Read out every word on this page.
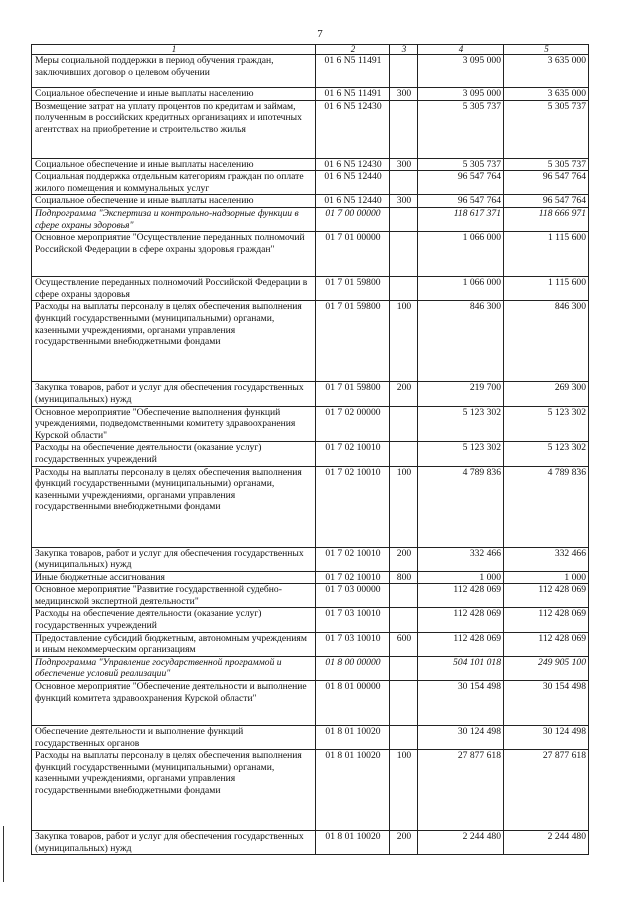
7
1	2	3	4	5
Меры социальной поддержки в период обучения граждан, заключивших договор о целевом обучении	01 6 N5 11491		3 095 000	3 635 000
Социальное обеспечение и иные выплаты населению	01 6 N5 11491	300	3 095 000	3 635 000
Возмещение затрат на уплату процентов по кредитам и займам, полученным в российских кредитных организациях и ипотечных агентствах на приобретение и строительство жилья	01 6 N5 12430		5 305 737	5 305 737
Социальное обеспечение и иные выплаты населению	01 6 N5 12430	300	5 305 737	5 305 737
Социальная поддержка отдельным категориям граждан по оплате жилого помещения и коммунальных услуг	01 6 N5 12440		96 547 764	96 547 764
Социальное обеспечение и иные выплаты населению	01 6 N5 12440	300	96 547 764	96 547 764
Подпрограмма "Экспертиза и контрольно-надзорные функции в сфере охраны здоровья"	01 7 00 00000		118 617 371	118 666 971
Основное мероприятие "Осуществление переданных полномочий Российской Федерации в сфере охраны здоровья граждан"	01 7 01 00000		1 066 000	1 115 600
Осуществление переданных полномочий Российской Федерации в сфере охраны здоровья	01 7 01 59800		1 066 000	1 115 600
Расходы на выплаты персоналу в целях обеспечения выполнения функций государственными (муниципальными) органами, казенными учреждениями, органами управления государственными внебюджетными фондами	01 7 01 59800	100	846 300	846 300
Закупка товаров, работ и услуг для обеспечения государственных (муниципальных) нужд	01 7 01 59800	200	219 700	269 300
Основное мероприятие "Обеспечение выполнения функций учреждениями, подведомственными комитету здравоохранения Курской области"	01 7 02 00000		5 123 302	5 123 302
Расходы на обеспечение деятельности (оказание услуг) государственных учреждений	01 7 02 10010		5 123 302	5 123 302
Расходы на выплаты персоналу в целях обеспечения выполнения функций государственными (муниципальными) органами, казенными учреждениями, органами управления государственными внебюджетными фондами	01 7 02 10010	100	4 789 836	4 789 836
Закупка товаров, работ и услуг для обеспечения государственных (муниципальных) нужд	01 7 02 10010	200	332 466	332 466
Иные бюджетные ассигнования	01 7 02 10010	800	1 000	1 000
Основное мероприятие "Развитие государственной судебно-медицинской экспертной деятельности"	01 7 03 00000		112 428 069	112 428 069
Расходы на обеспечение деятельности (оказание услуг) государственных учреждений	01 7 03 10010		112 428 069	112 428 069
Предоставление субсидий бюджетным, автономным учреждениям и иным некоммерческим организациям	01 7 03 10010	600	112 428 069	112 428 069
Подпрограмма "Управление государственной программой и обеспечение условий реализации"	01 8 00 00000		504 101 018	249 905 100
Основное мероприятие "Обеспечение деятельности и выполнение функций комитета здравоохранения Курской области"	01 8 01 00000		30 154 498	30 154 498
Обеспечение деятельности и выполнение функций государственных органов	01 8 01 10020		30 124 498	30 124 498
Расходы на выплаты персоналу в целях обеспечения выполнения функций государственными (муниципальными) органами, казенными учреждениями, органами управления государственными внебюджетными фондами	01 8 01 10020	100	27 877 618	27 877 618
Закупка товаров, работ и услуг для обеспечения государственных (муниципальных) нужд	01 8 01 10020	200	2 244 480	2 244 480
